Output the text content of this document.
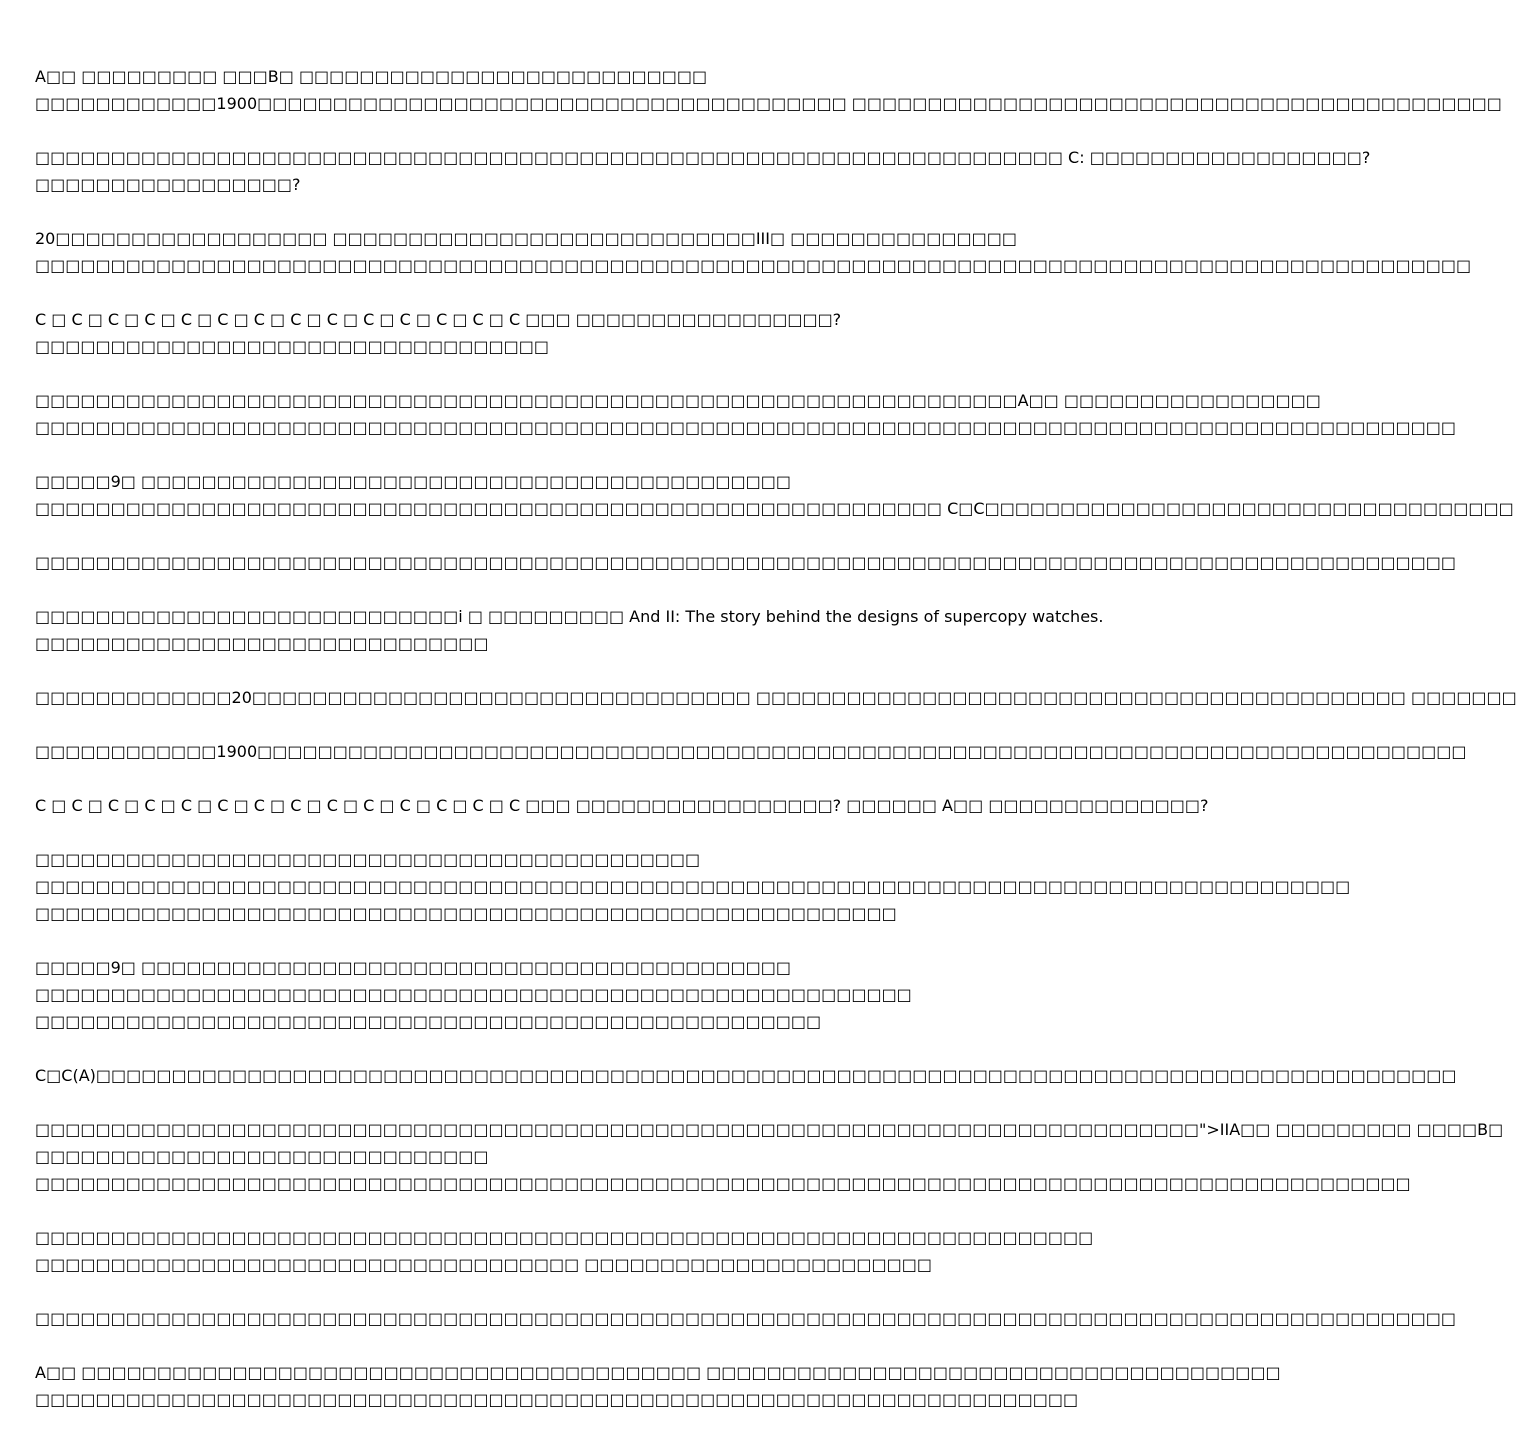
A□□ □□□□□□□□□ □□□B□ □□□□□□□□□□□□□□□□□□□□□□□□□□□
□□□□□□□□□□□□1900□□□□□□□□□□□□□□□□□□□□□□□□□□□□□□□□□□□□□□□ □□□□□□□□□□□□□□□□□□□□□□□□□□□□□□□□□□□□□□□□□□□
□□□□□□□□□□□□□□□□□□□□□□□□□□□□□□□□□□□□□□□□□□□□□□□□□□□□□□□□□□□□□□□□□□□□ C: □□□□□□□□□□□□□□□□□□?
□□□□□□□□□□□□□□□□□?
20□□□□□□□□□□□□□□□□□□ □□□□□□□□□□□□□□□□□□□□□□□□□□□□III□ □□□□□□□□□□□□□□□
□□□□□□□□□□□□□□□□□□□□□□□□□□□□□□□□□□□□□□□□□□□□□□□□□□□□□□□□□□□□□□□□□□□□□□□□□□□□□□□□□□□□□□□□□□□□□□□
C □ C □ C □ C □ C □ C □ C □ C □ C □ C □ C □ C □ C □ C □□□ □□□□□□□□□□□□□□□□□?
□□□□□□□□□□□□□□□□□□□□□□□□□□□□□□□□□□
□□□□□□□□□□□□□□□□□□□□□□□□□□□□□□□□□□□□□□□□□□□□□□□□□□□□□□□□□□□□□□□□□A□□ □□□□□□□□□□□□□□□□□
□□□□□□□□□□□□□□□□□□□□□□□□□□□□□□□□□□□□□□□□□□□□□□□□□□□□□□□□□□□□□□□□□□□□□□□□□□□□□□□□□□□□□□□□□□□□□□
□□□□□9□ □□□□□□□□□□□□□□□□□□□□□□□□□□□□□□□□□□□□□□□□□□□
□□□□□□□□□□□□□□□□□□□□□□□□□□□□□□□□□□□□□□□□□□□□□□□□□□□□□□□□□□□□ C□C□□□□□□□□□□□□□□□□□□□□□□□□□□□□□□□□□□□
□□□□□□□□□□□□□□□□□□□□□□□□□□□□□□□□□□□□□□□□□□□□□□□□□□□□□□□□□□□□□□□□□□□□□□□□□□□□□□□□□□□□□□□□□□□□□□
□□□□□□□□□□□□□□□□□□□□□□□□□□□□i □ □□□□□□□□□ And II: The story behind the designs of supercopy watches.
□□□□□□□□□□□□□□□□□□□□□□□□□□□□□□
□□□□□□□□□□□□□20□□□□□□□□□□□□□□□□□□□□□□□□□□□□□□□□□ □□□□□□□□□□□□□□□□□□□□□□□□□□□□□□□□□□□□□□□□□□□ □□□□□□□
□□□□□□□□□□□□1900□□□□□□□□□□□□□□□□□□□□□□□□□□□□□□□□□□□□□□□□□□□□□□□□□□□□□□□□□□□□□□□□□□□□□□□□□□□□□□□□
C □ C □ C □ C □ C □ C □ C □ C □ C □ C □ C □ C □ C □ C □□□ □□□□□□□□□□□□□□□□□? □□□□□□ A□□ □□□□□□□□□□□□□□?
□□□□□□□□□□□□□□□□□□□□□□□□□□□□□□□□□□□□□□□□□□□□
□□□□□□□□□□□□□□□□□□□□□□□□□□□□□□□□□□□□□□□□□□□□□□□□□□□□□□□□□□□□□□□□□□□□□□□□□□□□□□□□□□□□□□□
□□□□□□□□□□□□□□□□□□□□□□□□□□□□□□□□□□□□□□□□□□□□□□□□□□□□□□□□□
□□□□□9□ □□□□□□□□□□□□□□□□□□□□□□□□□□□□□□□□□□□□□□□□□□□
□□□□□□□□□□□□□□□□□□□□□□□□□□□□□□□□□□□□□□□□□□□□□□□□□□□□□□□□□□
□□□□□□□□□□□□□□□□□□□□□□□□□□□□□□□□□□□□□□□□□□□□□□□□□□□□
C□C(A)□□□□□□□□□□□□□□□□□□□□□□□□□□□□□□□□□□□□□□□□□□□□□□□□□□□□□□□□□□□□□□□□□□□□□□□□□□□□□□□□□□□□□□□□□□
□□□□□□□□□□□□□□□□□□□□□□□□□□□□□□□□□□□□□□□□□□□□□□□□□□□□□□□□□□□□□□□□□□□□□□□□□□□□□">IIA□□ □□□□□□□□□ □□□□B□
□□□□□□□□□□□□□□□□□□□□□□□□□□□□□□
□□□□□□□□□□□□□□□□□□□□□□□□□□□□□□□□□□□□□□□□□□□□□□□□□□□□□□□□□□□□□□□□□□□□□□□□□□□□□□□□□□□□□□□□□□□
□□□□□□□□□□□□□□□□□□□□□□□□□□□□□□□□□□□□□□□□□□□□□□□□□□□□□□□□□□□□□□□□□□□□□□
□□□□□□□□□□□□□□□□□□□□□□□□□□□□□□□□□□□□ □□□□□□□□□□□□□□□□□□□□□□□
□□□□□□□□□□□□□□□□□□□□□□□□□□□□□□□□□□□□□□□□□□□□□□□□□□□□□□□□□□□□□□□□□□□□□□□□□□□□□□□□□□□□□□□□□□□□□□
A□□ □□□□□□□□□□□□□□□□□□□□□□□□□□□□□□□□□□□□□□□□□ □□□□□□□□□□□□□□□□□□□□□□□□□□□□□□□□□□□□□□
□□□□□□□□□□□□□□□□□□□□□□□□□□□□□□□□□□□□□□□□□□□□□□□□□□□□□□□□□□□□□□□□□□□□□
